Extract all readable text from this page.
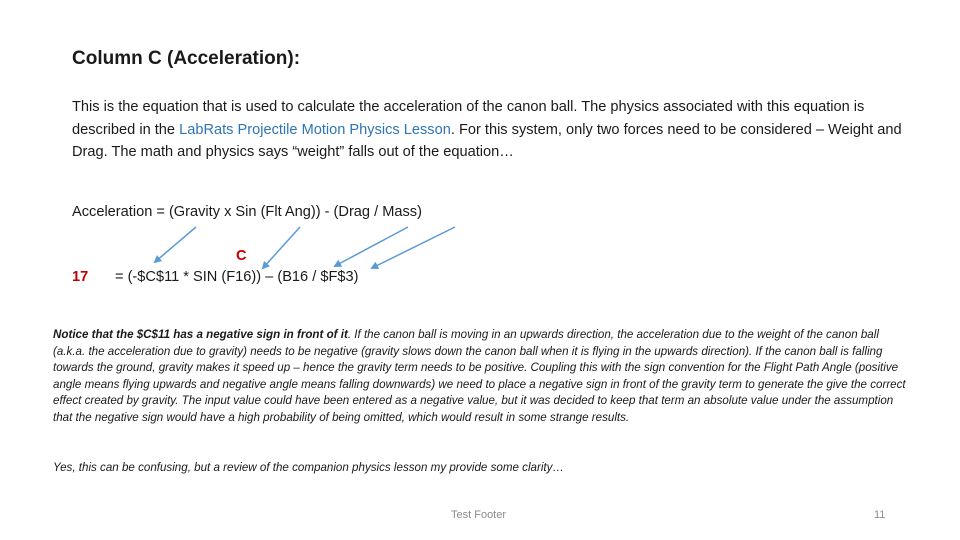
Column C (Acceleration):

This is the equation that is used to calculate the acceleration of the canon ball. The physics associated with this equation is described in the LabRats Projectile Motion Physics Lesson. For this system, only two forces need to be considered – Weight and Drag. The math and physics says “weight” falls out of the equation…

Acceleration = (Gravity x Sin (Flt Ang)) - (Drag / Mass)

C
17 = (-$C$11 * SIN (F16)) – (B16 / $F$3)

Notice that the $C$11 has a negative sign in front of it. If the canon ball is moving in an upwards direction, the acceleration due to the weight of the canon ball (a.k.a. the acceleration due to gravity) needs to be negative (gravity slows down the canon ball when it is flying in the upwards direction). If the canon ball is falling towards the ground, gravity makes it speed up – hence the gravity term needs to be positive. Coupling this with the sign convention for the Flight Path Angle (positive angle means flying upwards and negative angle means falling downwards) we need to place a negative sign in front of the gravity term to generate the give the correct effect created by gravity. The input value could have been entered as a negative value, but it was decided to keep that term an absolute value under the assumption that the negative sign would have a high probability of being omitted, which would result in some strange results.

Yes, this can be confusing, but a review of the companion physics lesson my provide some clarity…

Test Footer	11
